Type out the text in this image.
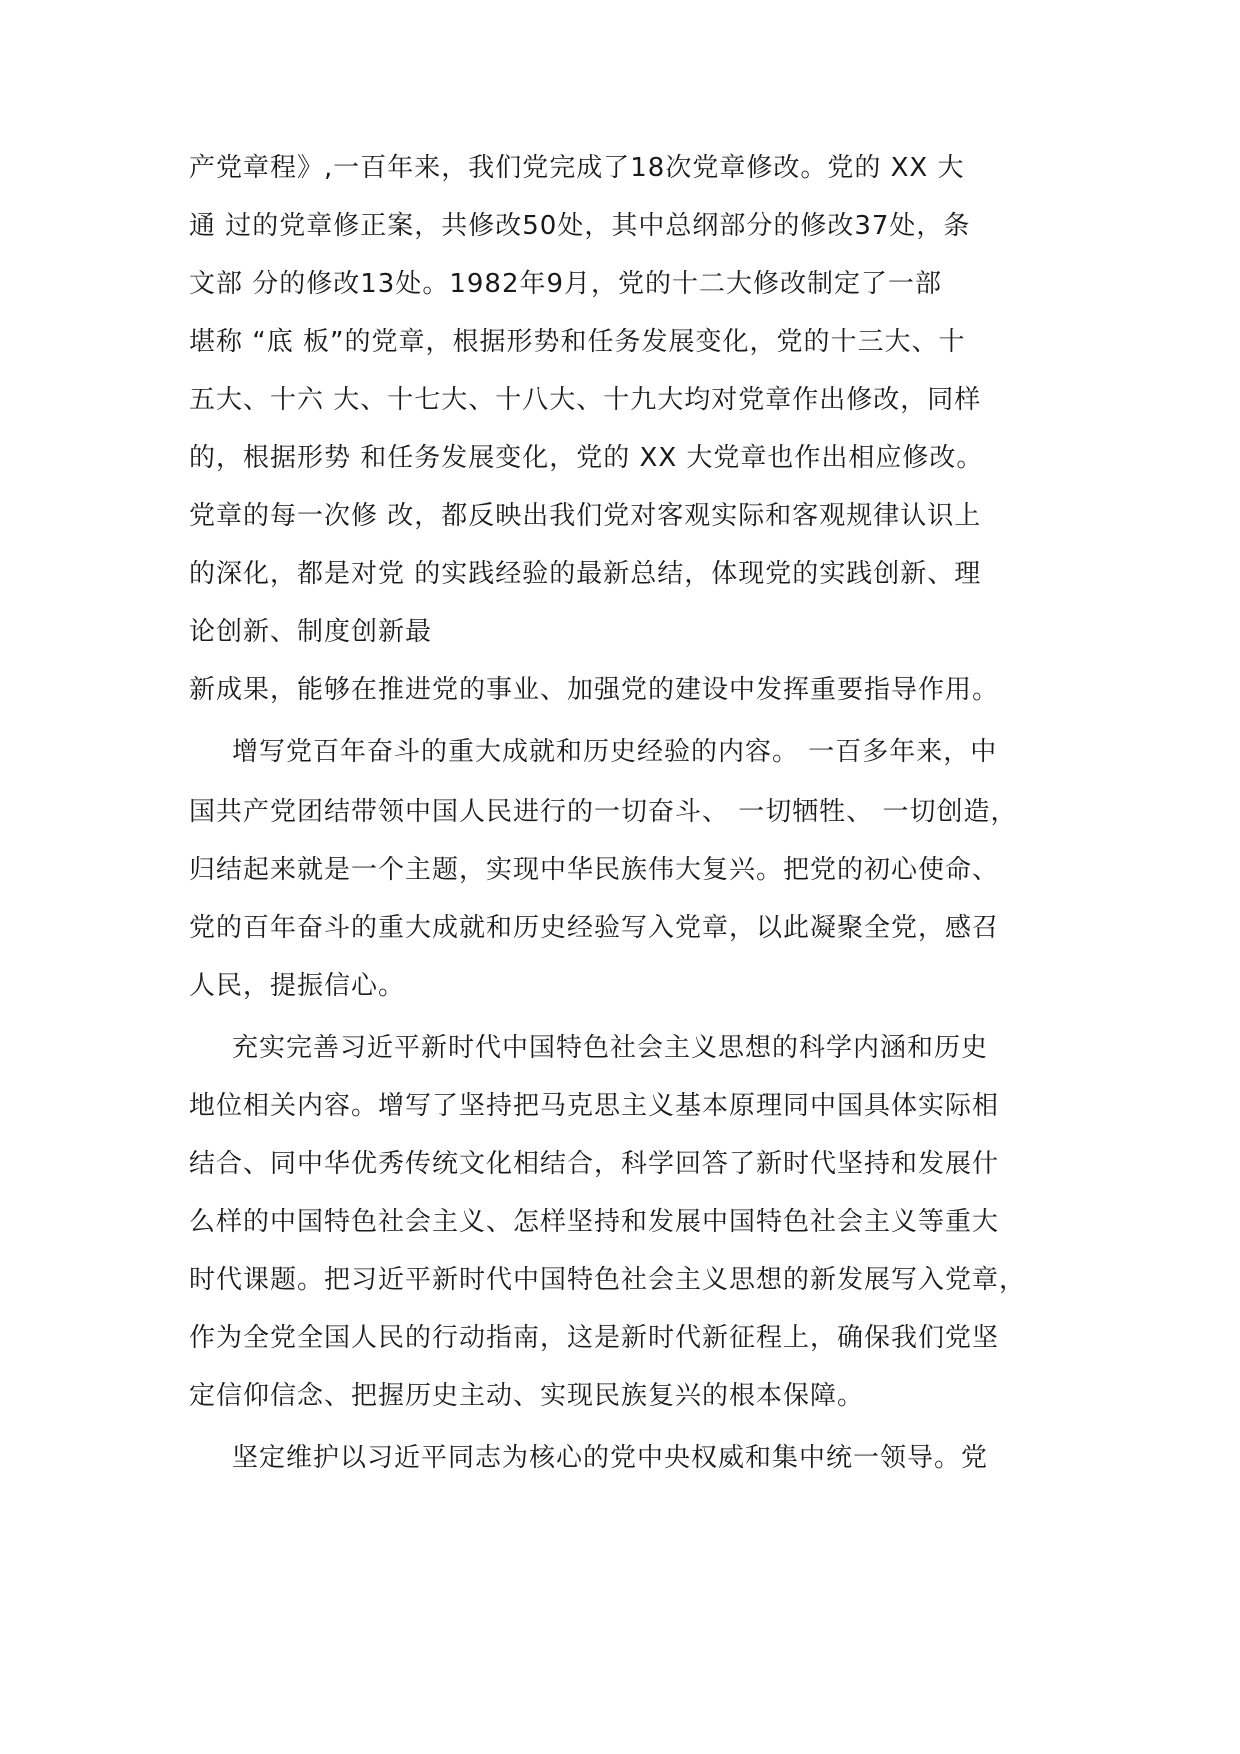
产党章程》,一百年来，我们党完成了18次党章修改。党的 XX 大
通 过的党章修正案，共修改50处，其中总纲部分的修改37处，条
文部 分的修改13处。1982年9月，党的十二大修改制定了一部
堪称 “底 板”的党章，根据形势和任务发展变化，党的十三大、十
五大、十六 大、十七大、十八大、十九大均对党章作出修改，同样
的，根据形势 和任务发展变化，党的 XX 大党章也作出相应修改。
党章的每一次修 改，都反映出我们党对客观实际和客观规律认识上
的深化，都是对党 的实践经验的最新总结，体现党的实践创新、理
论创新、制度创新最
新成果，能够在推进党的事业、加强党的建设中发挥重要指导作用。
增写党百年奋斗的重大成就和历史经验的内容。 一百多年来，中
国共产党团结带领中国人民进行的一切奋斗、 一切牺牲、 一切创造，
归结起来就是一个主题，实现中华民族伟大复兴。把党的初心使命、
党的百年奋斗的重大成就和历史经验写入党章，以此凝聚全党，感召
人民，提振信心。
充实完善习近平新时代中国特色社会主义思想的科学内涵和历史
地位相关内容。增写了坚持把马克思主义基本原理同中国具体实际相
结合、同中华优秀传统文化相结合，科学回答了新时代坚持和发展什
么样的中国特色社会主义、怎样坚持和发展中国特色社会主义等重大
时代课题。把习近平新时代中国特色社会主义思想的新发展写入党章，
作为全党全国人民的行动指南，这是新时代新征程上，确保我们党坚
定信仰信念、把握历史主动、实现民族复兴的根本保障。
坚定维护以习近平同志为核心的党中央权威和集中统一领导。党
